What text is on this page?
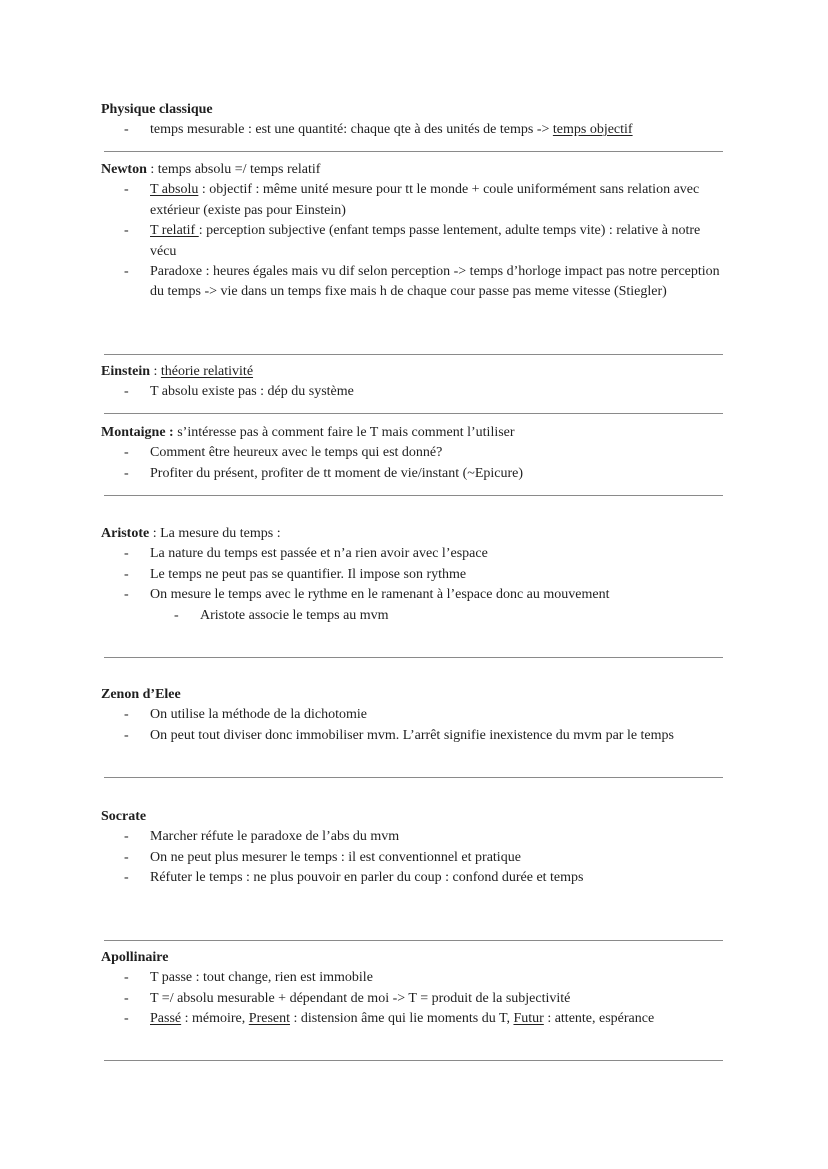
Physique classique

- temps mesurable : est une quantité: chaque qte à des unités de temps -> temps objectif

Newton : temps absolu =/ temps relatif

- T absolu : objectif : même unité mesure pour tt le monde + coule uniformément sans relation avec extérieur (existe pas pour Einstein)
- T relatif : perception subjective (enfant temps passe lentement, adulte temps vite) : relative à notre vécu
- Paradoxe : heures égales mais vu dif selon perception -> temps d’horloge impact pas notre perception du temps -> vie dans un temps fixe mais h de chaque cour passe pas meme vitesse (Stiegler)

Einstein : théorie relativité

- T absolu existe pas : dép du système

Montaigne : s’intéresse pas à comment faire le T mais comment l’utiliser

- Comment être heureux avec le temps qui est donné?
- Profiter du présent, profiter de tt moment de vie/instant (~Epicure)

Aristote : La mesure du temps :

- La nature du temps est passée et n’a rien avoir avec l’espace
- Le temps ne peut pas se quantifier. Il impose son rythme
- On mesure le temps avec le rythme en le ramenant à l’espace donc au mouvement
- Aristote associe le temps au mvm

Zenon d’Elee

- On utilise la méthode de la dichotomie
- On peut tout diviser donc immobiliser mvm. L’arrêt signifie inexistence du mvm par le temps

Socrate

- Marcher réfute le paradoxe de l’abs du mvm
- On ne peut plus mesurer le temps : il est conventionnel et pratique
- Réfuter le temps : ne plus pouvoir en parler du coup : confond durée et temps

Apollinaire

- T passe : tout change, rien est immobile
- T =/ absolu mesurable + dépendant de moi -> T = produit de la subjectivité
- Passé : mémoire, Present : distension âme qui lie moments du T, Futur : attente, espérance
